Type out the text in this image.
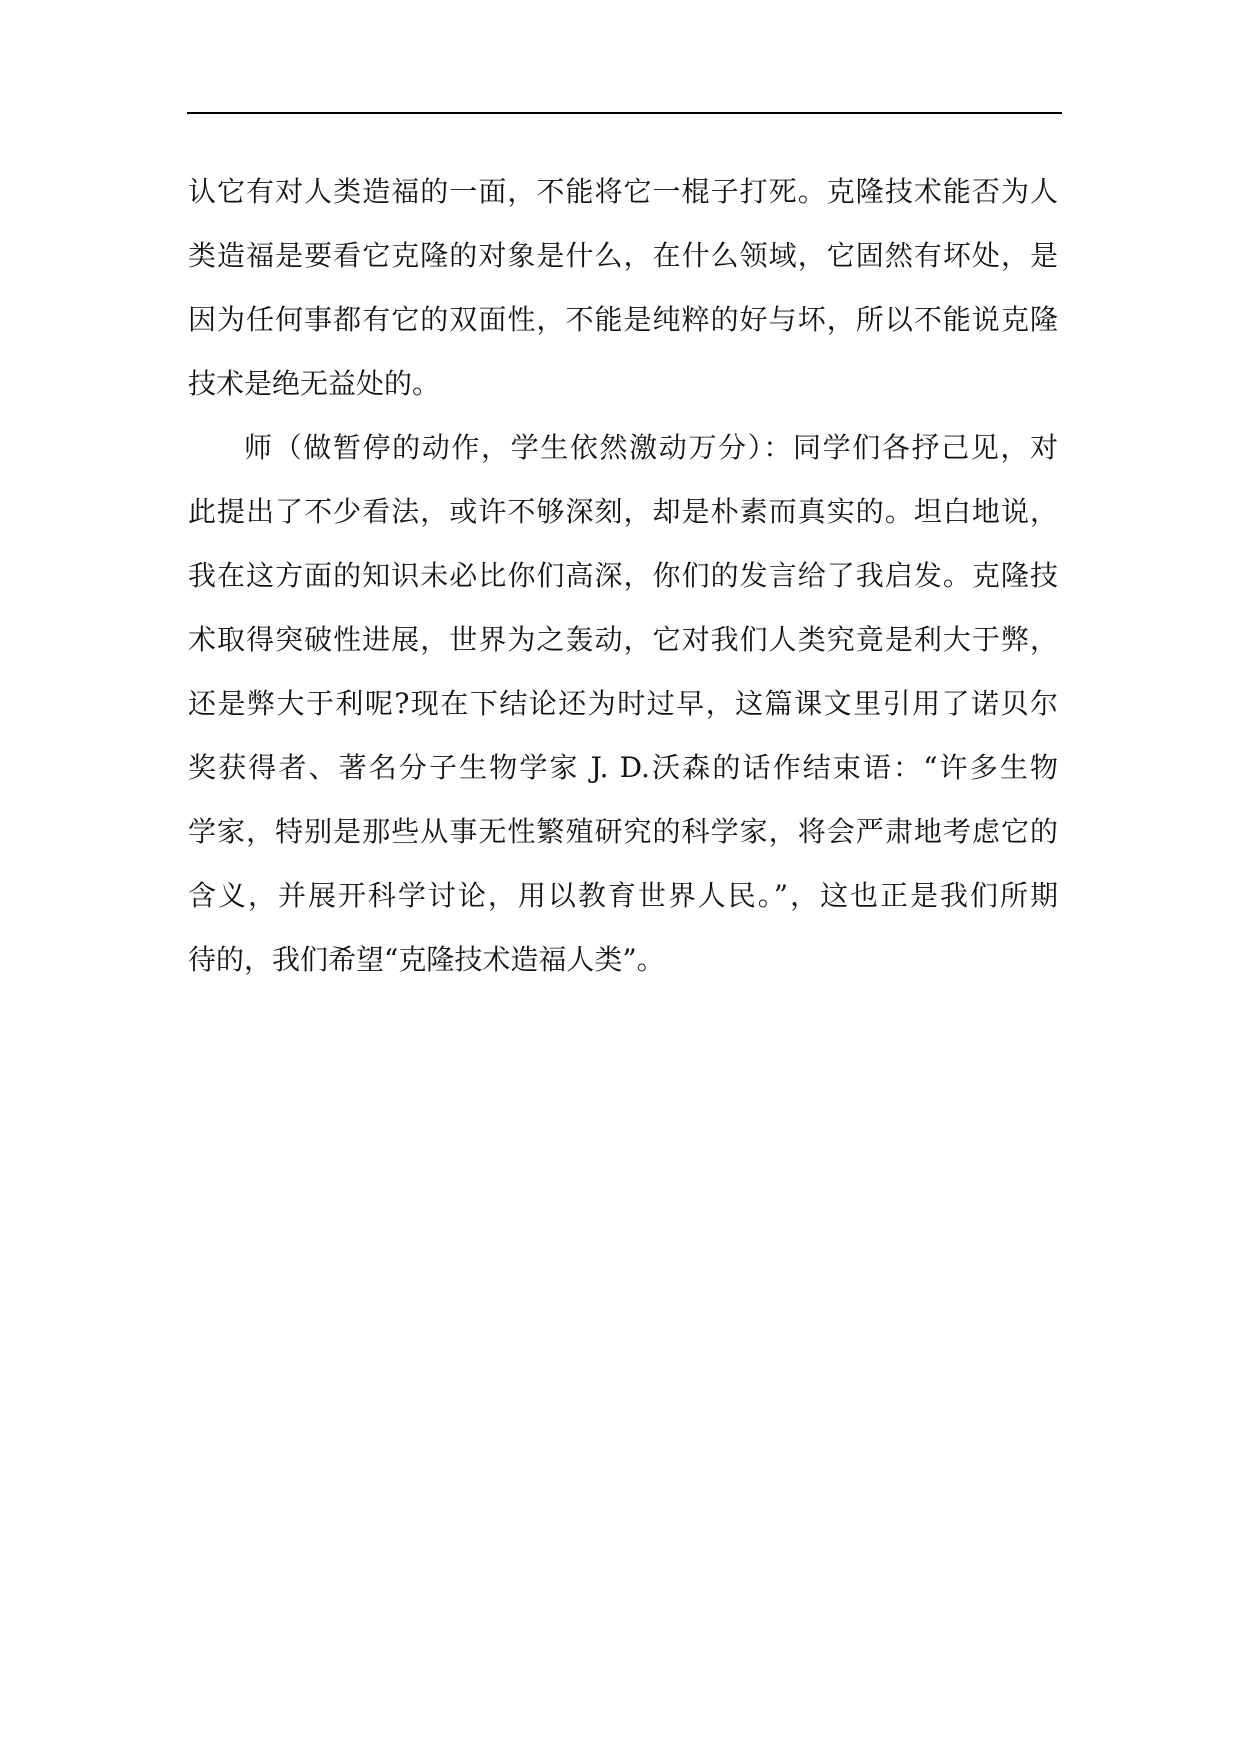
认它有对人类造福的一面，不能将它一棍子打死。克隆技术能否为人
类造福是要看它克隆的对象是什么，在什么领域，它固然有坏处，是
因为任何事都有它的双面性，不能是纯粹的好与坏，所以不能说克隆
技术是绝无益处的。
师（做暂停的动作，学生依然激动万分）：同学们各抒己见，对
此提出了不少看法，或许不够深刻，却是朴素而真实的。坦白地说，
我在这方面的知识未必比你们高深，你们的发言给了我启发。克隆技
术取得突破性进展，世界为之轰动，它对我们人类究竟是利大于弊，
还是弊大于利呢?现在下结论还为时过早，这篇课文里引用了诺贝尔
奖获得者、著名分子生物学家 J. D.沃森的话作结束语：“许多生物
学家，特别是那些从事无性繁殖研究的科学家，将会严肃地考虑它的
含义，并展开科学讨论，用以教育世界人民。”，这也正是我们所期
待的，我们希望“克隆技术造福人类”。
